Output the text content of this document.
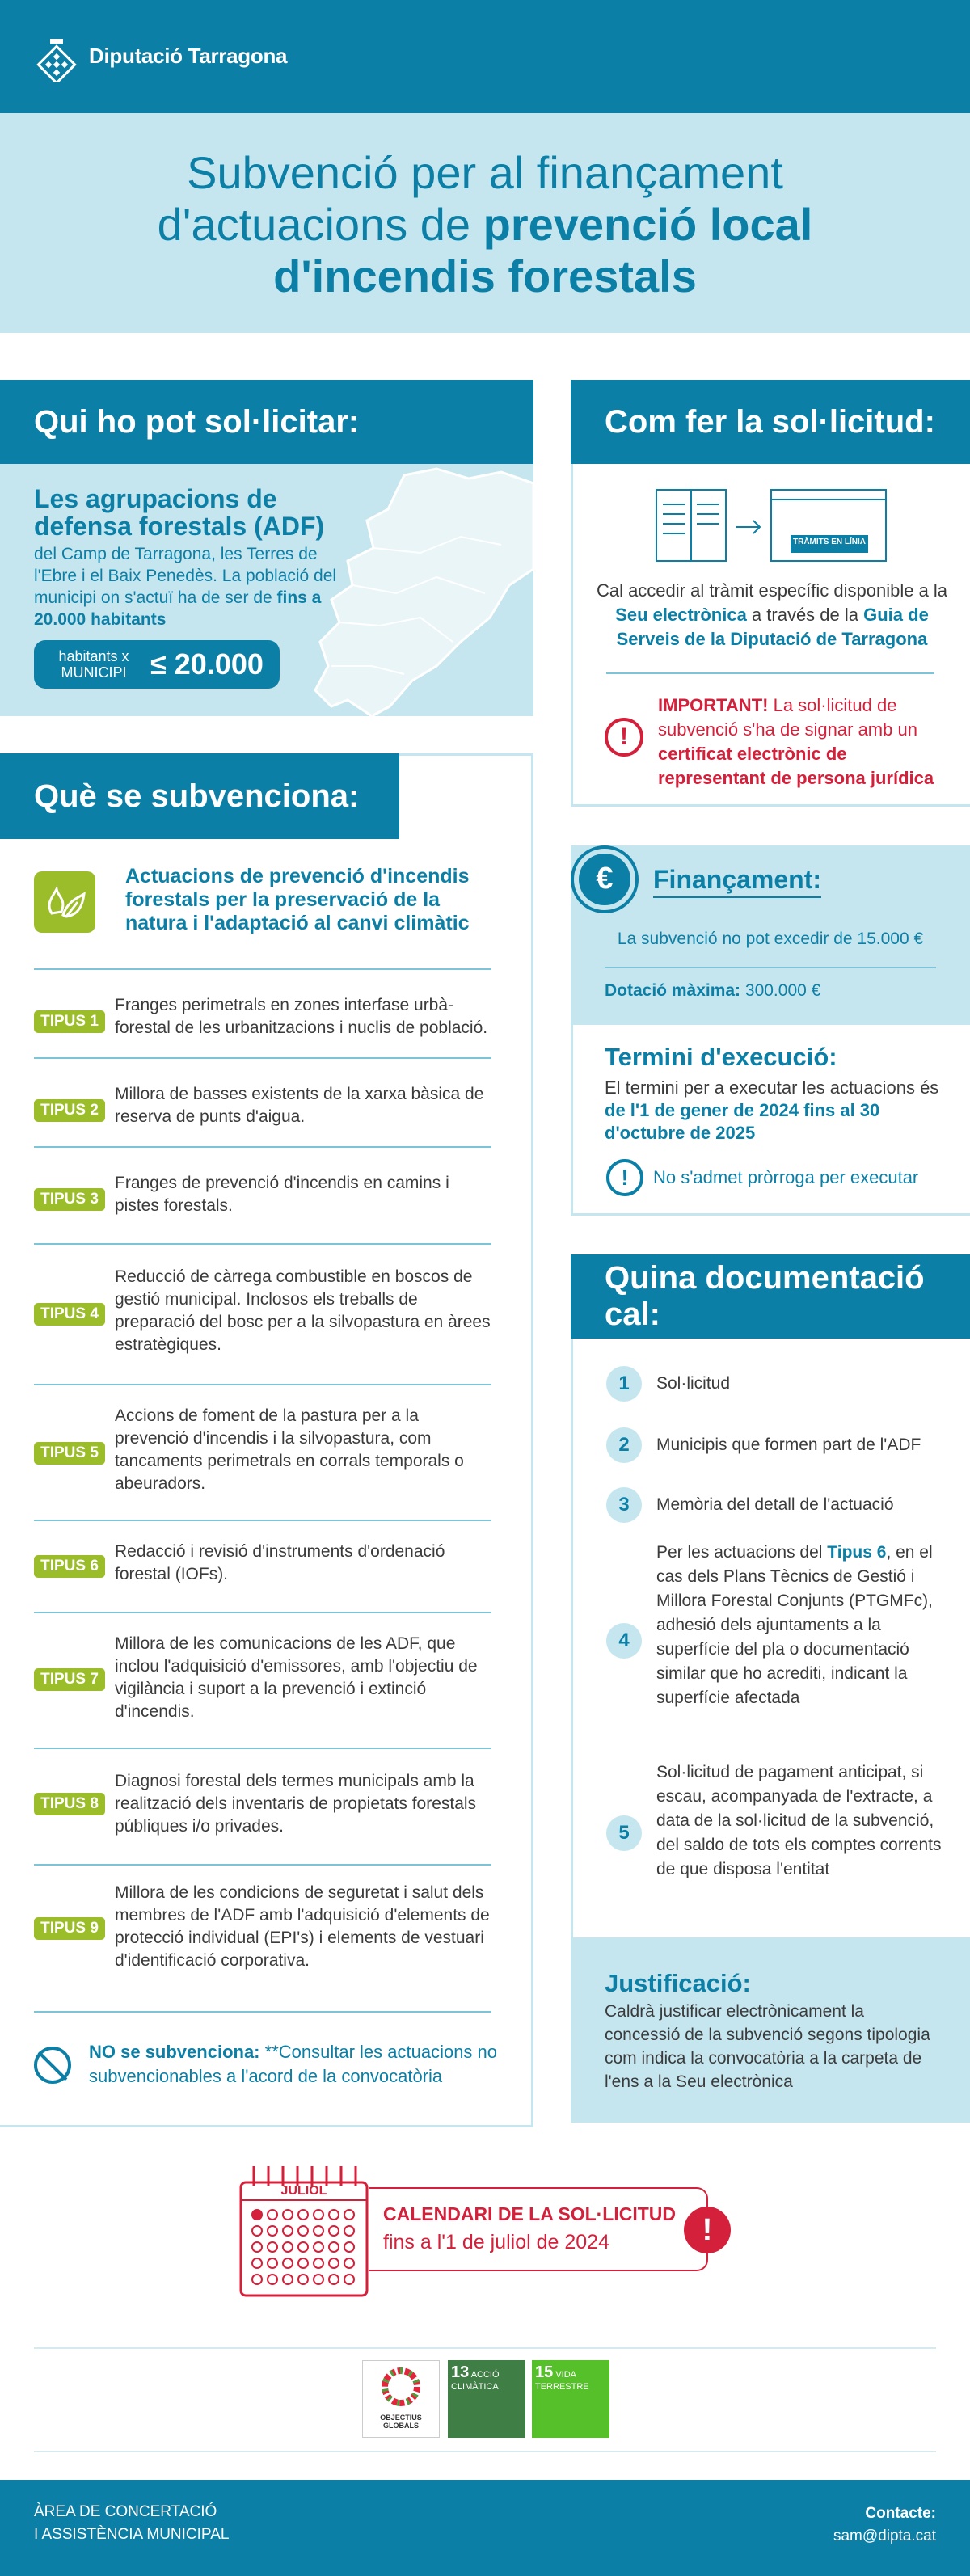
Diputació Tarragona
Subvenció per al finançament
d'actuacions de prevenció local
d'incendis forestals
Qui ho pot sol·licitar:
Les agrupacions de defensa forestals (ADF)
del Camp de Tarragona, les Terres de l'Ebre i el Baix Penedès. La població del municipi on s'actuï ha de ser de fins a 20.000 habitants
habitants x MUNICIPI ≤ 20.000
Què se subvenciona:
Actuacions de prevenció d'incendis forestals per la preservació de la natura i l'adaptació al canvi climàtic
TIPUS 1
Franges perimetrals en zones interfase urbà-forestal de les urbanitzacions i nuclis de població.
TIPUS 2
Millora de basses existents de la xarxa bàsica de reserva de punts d'aigua.
TIPUS 3
Franges de prevenció d'incendis en camins i pistes forestals.
TIPUS 4
Reducció de càrrega combustible en boscos de gestió municipal. Inclosos els treballs de preparació del bosc per a la silvopastura en àrees estratègiques.
TIPUS 5
Accions de foment de la pastura per a la prevenció d'incendis i la silvopastura, com tancaments perimetrals en corrals temporals o abeuradors.
TIPUS 6
Redacció i revisió d'instruments d'ordenació forestal (IOFs).
TIPUS 7
Millora de les comunicacions de les ADF, que inclou l'adquisició d'emissores, amb l'objectiu de vigilància i suport a la prevenció i extinció d'incendis.
TIPUS 8
Diagnosi forestal dels termes municipals amb la realització dels inventaris de propietats forestals públiques i/o privades.
TIPUS 9
Millora de les condicions de seguretat i salut dels membres de l'ADF amb l'adquisició d'elements de protecció individual (EPI's) i elements de vestuari d'identificació corporativa.
NO se subvenciona: **Consultar les actuacions no subvencionables a l'acord de la convocatòria
Com fer la sol·licitud:
TRÀMITS EN LÍNIA
Cal accedir al tràmit específic disponible a la Seu electrònica a través de la Guia de Serveis de la Diputació de Tarragona
!
IMPORTANT! La sol·licitud de subvenció s'ha de signar amb un certificat electrònic de representant de persona jurídica
€	Finançament:
La subvenció no pot excedir de 15.000 €
Dotació màxima: 300.000 €
Termini d'execució:
El termini per a executar les actuacions és de l'1 de gener de 2024 fins al 30 d'octubre de 2025
!	No s'admet pròrroga per executar
Quina documentació cal:
1	Sol·licitud
2	Municipis que formen part de l'ADF
3	Memòria del detall de l'actuació
4
Per les actuacions del Tipus 6, en el cas dels Plans Tècnics de Gestió i Millora Forestal Conjunts (PTGMFc), adhesió dels ajuntaments a la superfície del pla o documentació similar que ho acrediti, indicant la superfície afectada
5
Sol·licitud de pagament anticipat, si escau, acompanyada de l'extracte, a data de la sol·licitud de la subvenció, del saldo de tots els comptes corrents de que disposa l'entitat
Justificació:
Caldrà justificar electrònicament la concessió de la subvenció segons tipologia com indica la convocatòria a la carpeta de l'ens a la Seu electrònica
JULIOL
CALENDARI DE LA SOL·LICITUD
fins a l'1 de juliol de 2024	!
OBJECTIUS GLOBALS
13 ACCIÓ CLIMÀTICA
15 VIDA TERRESTRE
ÀREA DE CONCERTACIÓ
I ASSISTÈNCIA MUNICIPAL
Contacte:
sam@dipta.cat
